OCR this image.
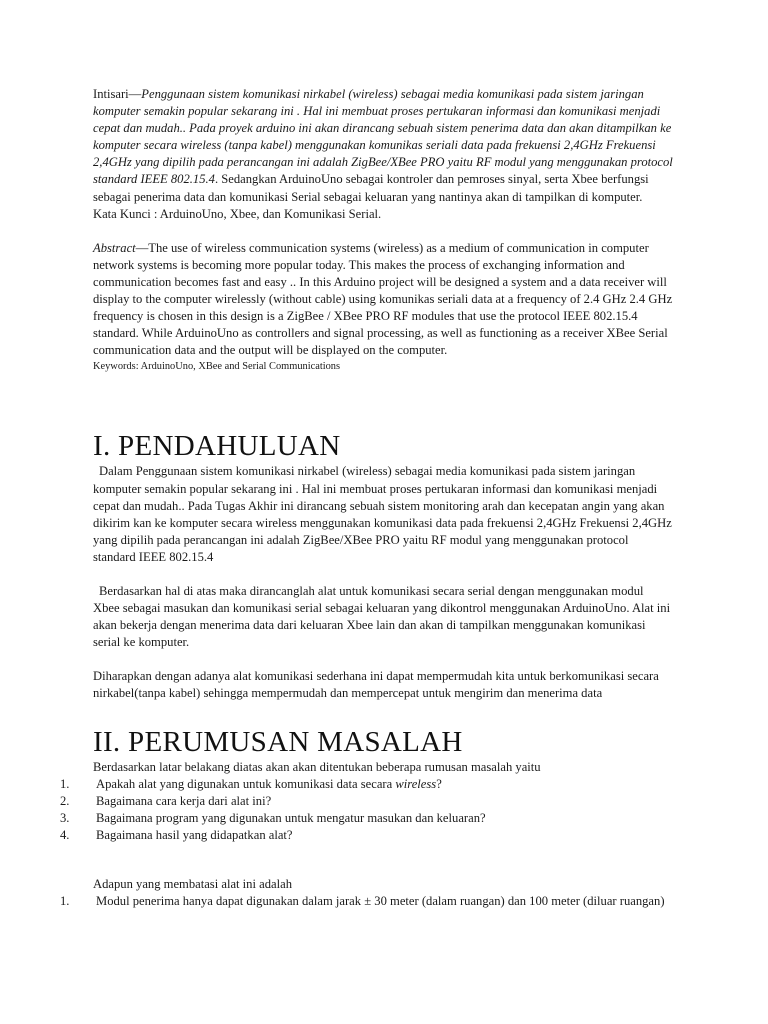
Intisari—Penggunaan sistem komunikasi nirkabel (wireless) sebagai media komunikasi pada sistem jaringan komputer semakin popular sekarang ini . Hal ini membuat proses pertukaran informasi dan komunikasi menjadi cepat dan mudah.. Pada proyek arduino ini akan dirancang sebuah sistem penerima data dan akan ditampilkan ke komputer secara wireless (tanpa kabel) menggunakan komunikas seriali data pada frekuensi 2,4GHz Frekuensi 2,4GHz yang dipilih pada perancangan ini adalah ZigBee/XBee PRO yaitu RF modul yang menggunakan protocol standard IEEE 802.15.4. Sedangkan ArduinoUno sebagai kontroler dan pemroses sinyal, serta Xbee berfungsi sebagai penerima data dan komunikasi Serial sebagai keluaran yang nantinya akan di tampilkan di komputer.

Kata Kunci : ArduinoUno, Xbee, dan Komunikasi Serial.

Abstract—The use of wireless communication systems (wireless) as a medium of communication in computer network systems is becoming more popular today. This makes the process of exchanging information and communication becomes fast and easy .. In this Arduino project will be designed a system and a data receiver will display to the computer wirelessly (without cable) using komunikas seriali data at a frequency of 2.4 GHz 2.4 GHz frequency is chosen in this design is a ZigBee / XBee PRO RF modules that use the protocol IEEE 802.15.4 standard. While ArduinoUno as controllers and signal processing, as well as functioning as a receiver XBee Serial communication data and the output will be displayed on the computer.

Keywords: ArduinoUno, XBee and Serial Communications

I. PENDAHULUAN

Dalam Penggunaan sistem komunikasi nirkabel (wireless) sebagai media komunikasi pada sistem jaringan komputer semakin popular sekarang ini . Hal ini membuat proses pertukaran informasi dan komunikasi menjadi cepat dan mudah.. Pada Tugas Akhir ini dirancang sebuah sistem monitoring arah dan kecepatan angin yang akan dikirim kan ke komputer secara wireless menggunakan komunikasi data pada frekuensi 2,4GHz Frekuensi 2,4GHz yang dipilih pada perancangan ini adalah ZigBee/XBee PRO yaitu RF modul yang menggunakan protocol standard IEEE 802.15.4

Berdasarkan hal di atas maka dirancanglah alat untuk komunikasi secara serial dengan menggunakan modul Xbee sebagai masukan dan komunikasi serial sebagai keluaran yang dikontrol menggunakan ArduinoUno. Alat ini akan bekerja dengan menerima data dari keluaran Xbee lain dan akan di tampilkan menggunakan komunikasi serial ke komputer.

Diharapkan dengan adanya alat komunikasi sederhana ini dapat mempermudah kita untuk berkomunikasi secara nirkabel(tanpa kabel) sehingga mempermudah dan mempercepat untuk mengirim dan menerima data

II. PERUMUSAN MASALAH

Berdasarkan latar belakang diatas akan akan ditentukan beberapa rumusan masalah yaitu

1. Apakah alat yang digunakan untuk komunikasi data secara wireless?
2. Bagaimana cara kerja dari alat ini?
3. Bagaimana program yang digunakan untuk mengatur masukan dan keluaran?
4. Bagaimana hasil yang didapatkan alat?

Adapun yang membatasi alat ini adalah

1. Modul penerima hanya dapat digunakan dalam jarak ± 30 meter (dalam ruangan) dan 100 meter (diluar ruangan)
